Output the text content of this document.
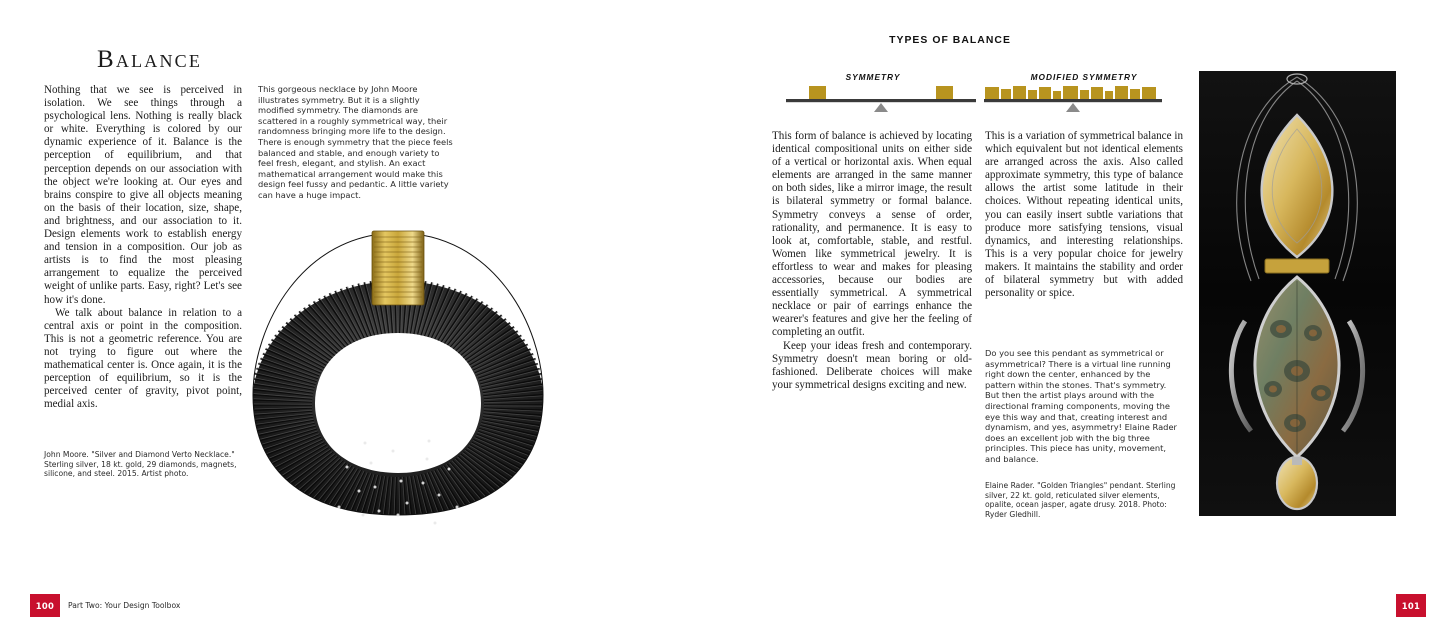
Balance

Nothing that we see is perceived in isolation. We see things through a psychological lens. Nothing is really black or white. Everything is colored by our dynamic experience of it. Balance is the perception of equilibrium, and that perception depends on our association with the object we're looking at. Our eyes and brains conspire to give all objects meaning on the basis of their location, size, shape, and brightness, and our association to it. Design elements work to establish energy and tension in a composition. Our job as artists is to find the most pleasing arrangement to equalize the perceived weight of unlike parts. Easy, right? Let's see how it's done.

We talk about balance in relation to a central axis or point in the composition. This is not a geometric reference. You are not trying to figure out where the mathematical center is. Once again, it is the perception of equilibrium, so it is the perceived center of gravity, pivot point, medial axis.

This gorgeous necklace by John Moore illustrates symmetry. But it is a slightly modified symmetry. The diamonds are scattered in a roughly symmetrical way, their randomness bringing more life to the design. There is enough symmetry that the piece feels balanced and stable, and enough variety to feel fresh, elegant, and stylish. An exact mathematical arrangement would make this design feel fussy and pedantic. A little variety can have a huge impact.

John Moore. "Silver and Diamond Verto Necklace." Sterling silver, 18 kt. gold, 29 diamonds, magnets, silicone, and steel. 2015. Artist photo.
TYPES OF BALANCE
SYMMETRY	MODIFIED SYMMETRY

This form of balance is achieved by locating identical compositional units on either side of a vertical or horizontal axis. When equal elements are arranged in the same manner on both sides, like a mirror image, the result is bilateral symmetry or formal balance. Symmetry conveys a sense of order, rationality, and permanence. It is easy to look at, comfortable, stable, and restful. Women like symmetrical jewelry. It is effortless to wear and makes for pleasing accessories, because our bodies are essentially symmetrical. A symmetrical necklace or pair of earrings enhance the wearer's features and give her the feeling of completing an outfit.

Keep your ideas fresh and contemporary. Symmetry doesn't mean boring or old-fashioned. Deliberate choices will make your symmetrical designs exciting and new.

This is a variation of symmetrical balance in which equivalent but not identical elements are arranged across the axis. Also called approximate symmetry, this type of balance allows the artist some latitude in their choices. Without repeating identical units, you can easily insert subtle variations that produce more satisfying tensions, visual dynamics, and interesting relationships. This is a very popular choice for jewelry makers. It maintains the stability and order of bilateral symmetry but with added personality or spice.

Do you see this pendant as symmetrical or asymmetrical? There is a virtual line running right down the center, enhanced by the pattern within the stones. That's symmetry. But then the artist plays around with the directional framing components, moving the eye this way and that, creating interest and dynamism, and yes, asymmetry! Elaine Rader does an excellent job with the big three principles. This piece has unity, movement, and balance.

Elaine Rader. "Golden Triangles" pendant. Sterling silver, 22 kt. gold, reticulated silver elements, opalite, ocean jasper, agate drusy. 2018. Photo: Ryder Gledhill.
100	Part Two: Your Design Toolbox	101
